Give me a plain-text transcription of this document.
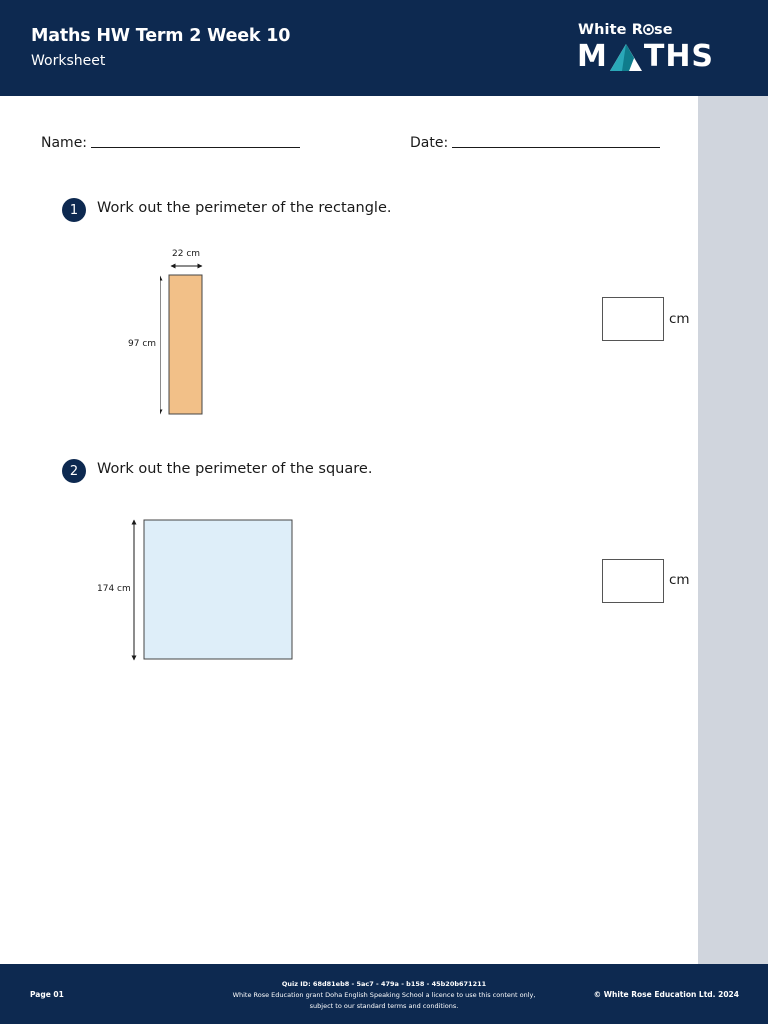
Maths HW Term 2 Week 10
Worksheet
White R se
M THS
Name:	Date:
1	Work out the perimeter of the rectangle.
22 cm
97 cm
cm
2	Work out the perimeter of the square.
174 cm
cm
Page 01
Quiz ID: 68d81eb8 - 5ac7 - 479a - b158 - 45b20b671211
White Rose Education grant Doha English Speaking School a licence to use this content only,
subject to our standard terms and conditions.
© White Rose Education Ltd. 2024
